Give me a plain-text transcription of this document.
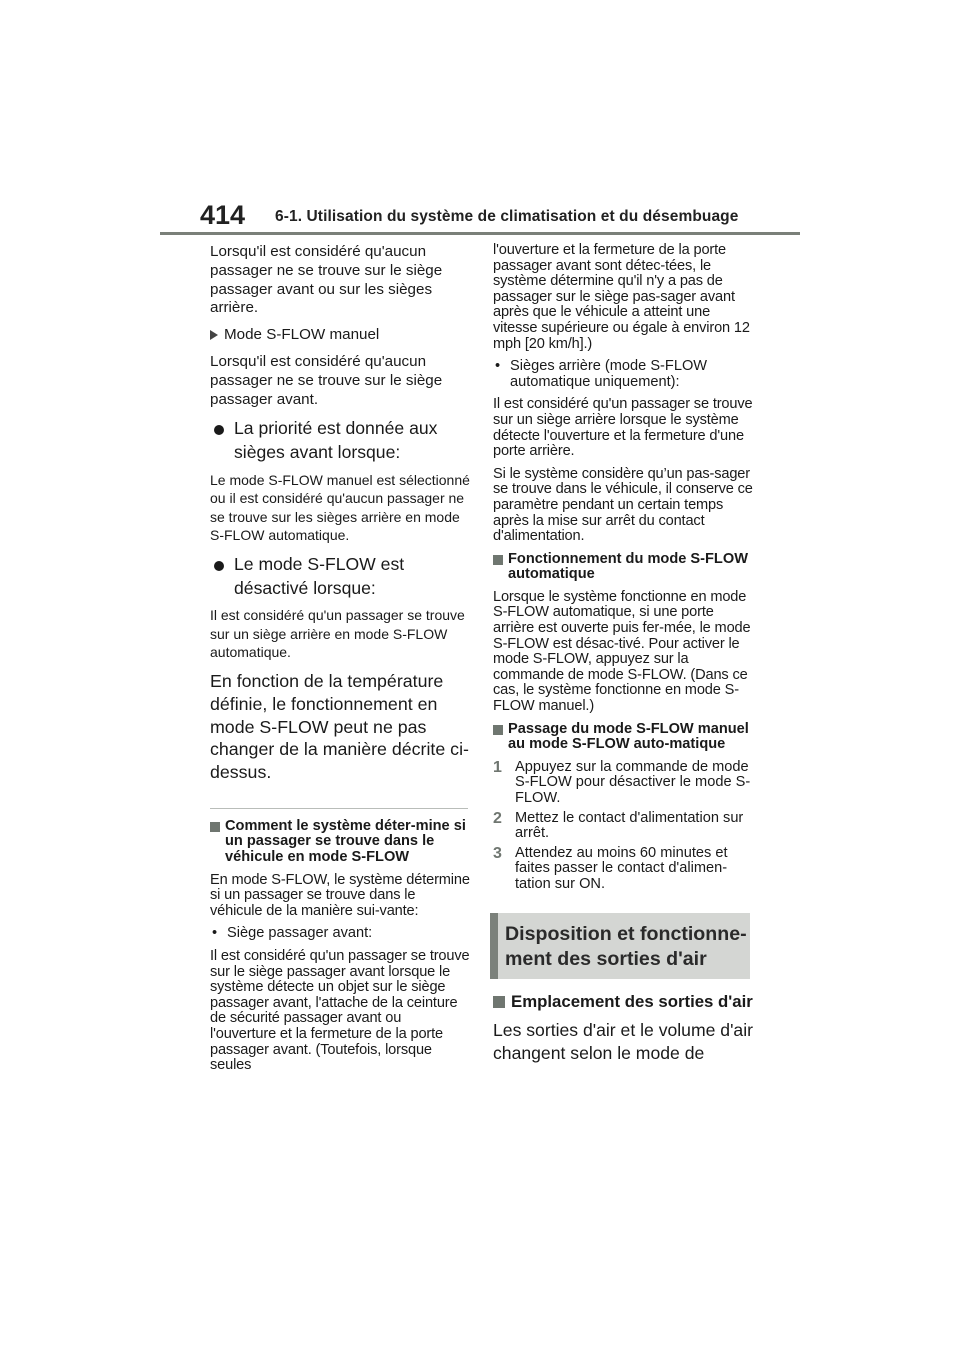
414 6-1. Utilisation du système de climatisation et du désembuage

Lorsqu'il est considéré qu'aucun passager ne se trouve sur le siège passager avant ou sur les sièges arrière.

Mode S-FLOW manuel

Lorsqu'il est considéré qu'aucun passager ne se trouve sur le siège passager avant.

La priorité est donnée aux sièges avant lorsque:

Le mode S-FLOW manuel est sélectionné ou il est considéré qu'aucun passager ne se trouve sur les sièges arrière en mode S-FLOW automatique.

Le mode S-FLOW est désactivé lorsque:

Il est considéré qu'un passager se trouve sur un siège arrière en mode S-FLOW automatique.

En fonction de la température définie, le fonctionnement en mode S-FLOW peut ne pas changer de la manière décrite ci-dessus.

Comment le système déter-mine si un passager se trouve dans le véhicule en mode S-FLOW

En mode S-FLOW, le système détermine si un passager se trouve dans le véhicule de la manière sui-vante:

• Siège passager avant:

Il est considéré qu'un passager se trouve sur le siège passager avant lorsque le système détecte un objet sur le siège passager avant, l'attache de la ceinture de sécurité passager avant ou l'ouverture et la fermeture de la porte passager avant. (Toutefois, lorsque seules

l'ouverture et la fermeture de la porte passager avant sont détec-tées, le système détermine qu'il n'y a pas de passager sur le siège pas-sager avant après que le véhicule a atteint une vitesse supérieure ou égale à environ 12 mph [20 km/h].)

• Sièges arrière (mode S-FLOW automatique uniquement):

Il est considéré qu'un passager se trouve sur un siège arrière lorsque le système détecte l'ouverture et la fermeture d'une porte arrière.

Si le système considère qu’un pas-sager se trouve dans le véhicule, il conserve ce paramètre pendant un certain temps après la mise sur arrêt du contact d'alimentation.

Fonctionnement du mode S-FLOW automatique

Lorsque le système fonctionne en mode S-FLOW automatique, si une porte arrière est ouverte puis fer-mée, le mode S-FLOW est désac-tivé. Pour activer le mode S-FLOW, appuyez sur la commande de mode S-FLOW. (Dans ce cas, le système fonctionne en mode S-FLOW manuel.)

Passage du mode S-FLOW manuel au mode S-FLOW auto-matique
1 Appuyez sur la commande de mode S-FLOW pour désactiver le mode S-FLOW.
2 Mettez le contact d'alimentation sur arrêt.
3 Attendez au moins 60 minutes et faites passer le contact d'alimen-tation sur ON.
Disposition et fonctionne-ment des sorties d'air
Emplacement des sorties d'air

Les sorties d'air et le volume d'air changent selon le mode de
